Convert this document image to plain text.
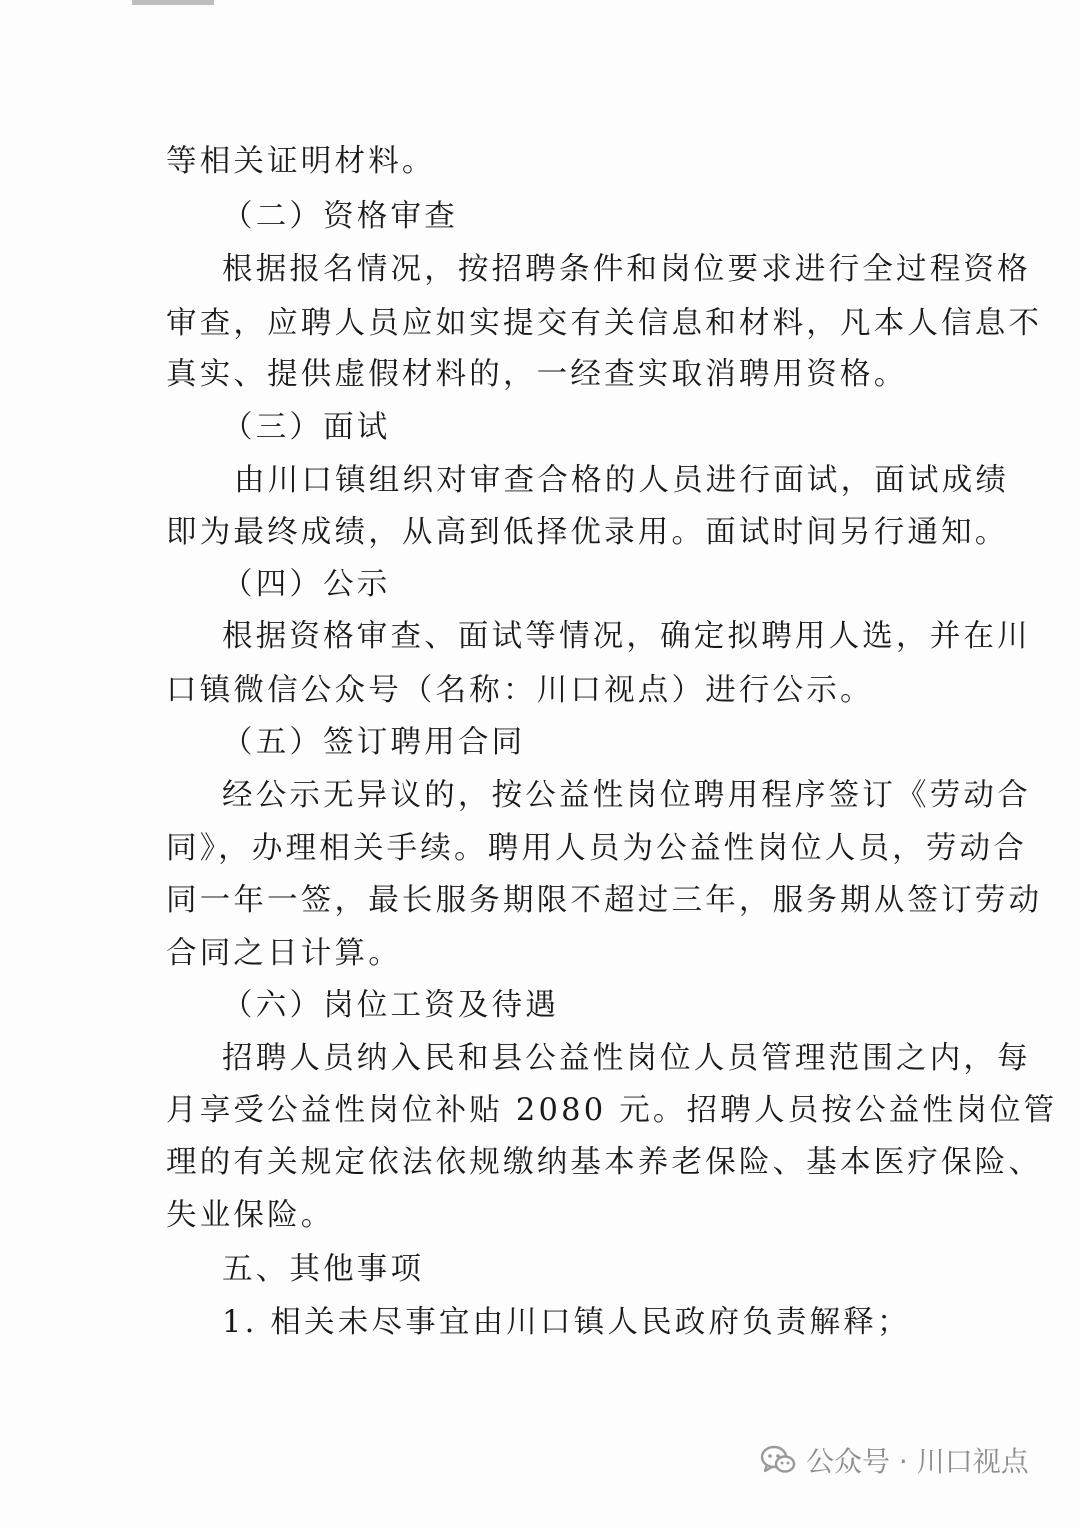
等相关证明材料。
（二）资格审查
根据报名情况，按招聘条件和岗位要求进行全过程资格
审查，应聘人员应如实提交有关信息和材料，凡本人信息不
真实、提供虚假材料的，一经查实取消聘用资格。
（三）面试
由川口镇组织对审查合格的人员进行面试，面试成绩
即为最终成绩，从高到低择优录用。面试时间另行通知。
（四）公示
根据资格审查、面试等情况，确定拟聘用人选，并在川
口镇微信公众号（名称：川口视点）进行公示。
（五）签订聘用合同
经公示无异议的，按公益性岗位聘用程序签订《劳动合
同》，办理相关手续。聘用人员为公益性岗位人员，劳动合
同一年一签，最长服务期限不超过三年，服务期从签订劳动
合同之日计算。
（六）岗位工资及待遇
招聘人员纳入民和县公益性岗位人员管理范围之内，每
月享受公益性岗位补贴 2080 元。招聘人员按公益性岗位管
理的有关规定依法依规缴纳基本养老保险、基本医疗保险、
失业保险。
五、其他事项
1. 相关未尽事宜由川口镇人民政府负责解释；
公众号 · 川口视点
